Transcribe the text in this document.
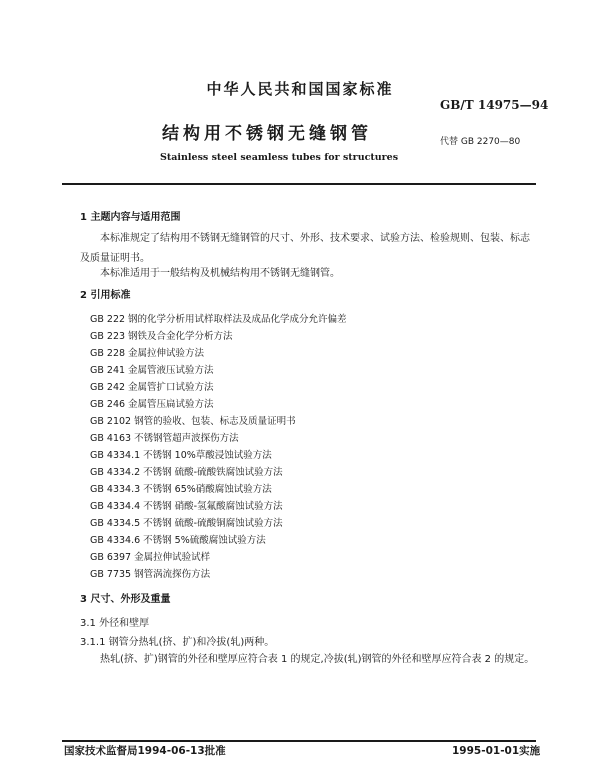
中华人民共和国国家标准
GB/T 14975—94
结构用不锈钢无缝钢管	代替 GB 2270—80
Stainless steel seamless tubes for structures
1 主题内容与适用范围
本标准规定了结构用不锈钢无缝钢管的尺寸、外形、技术要求、试验方法、检验规则、包装、标志及质量证明书。
本标准适用于一般结构及机械结构用不锈钢无缝钢管。
2 引用标准
GB 222 钢的化学分析用试样取样法及成品化学成分允许偏差
GB 223 钢铁及合金化学分析方法
GB 228 金属拉伸试验方法
GB 241 金属管液压试验方法
GB 242 金属管扩口试验方法
GB 246 金属管压扁试验方法
GB 2102 钢管的验收、包装、标志及质量证明书
GB 4163 不锈钢管超声波探伤方法
GB 4334.1 不锈钢 10%草酸浸蚀试验方法
GB 4334.2 不锈钢 硫酸-硫酸铁腐蚀试验方法
GB 4334.3 不锈钢 65%硝酸腐蚀试验方法
GB 4334.4 不锈钢 硝酸-氢氟酸腐蚀试验方法
GB 4334.5 不锈钢 硫酸-硫酸铜腐蚀试验方法
GB 4334.6 不锈钢 5%硫酸腐蚀试验方法
GB 6397 金属拉伸试验试样
GB 7735 钢管涡流探伤方法
3 尺寸、外形及重量
3.1 外径和壁厚
3.1.1 钢管分热轧(挤、扩)和冷拔(轧)两种。
热轧(挤、扩)钢管的外径和壁厚应符合表 1 的规定,冷拔(轧)钢管的外径和壁厚应符合表 2 的规定。
国家技术监督局1994-06-13批准	1995-01-01实施
